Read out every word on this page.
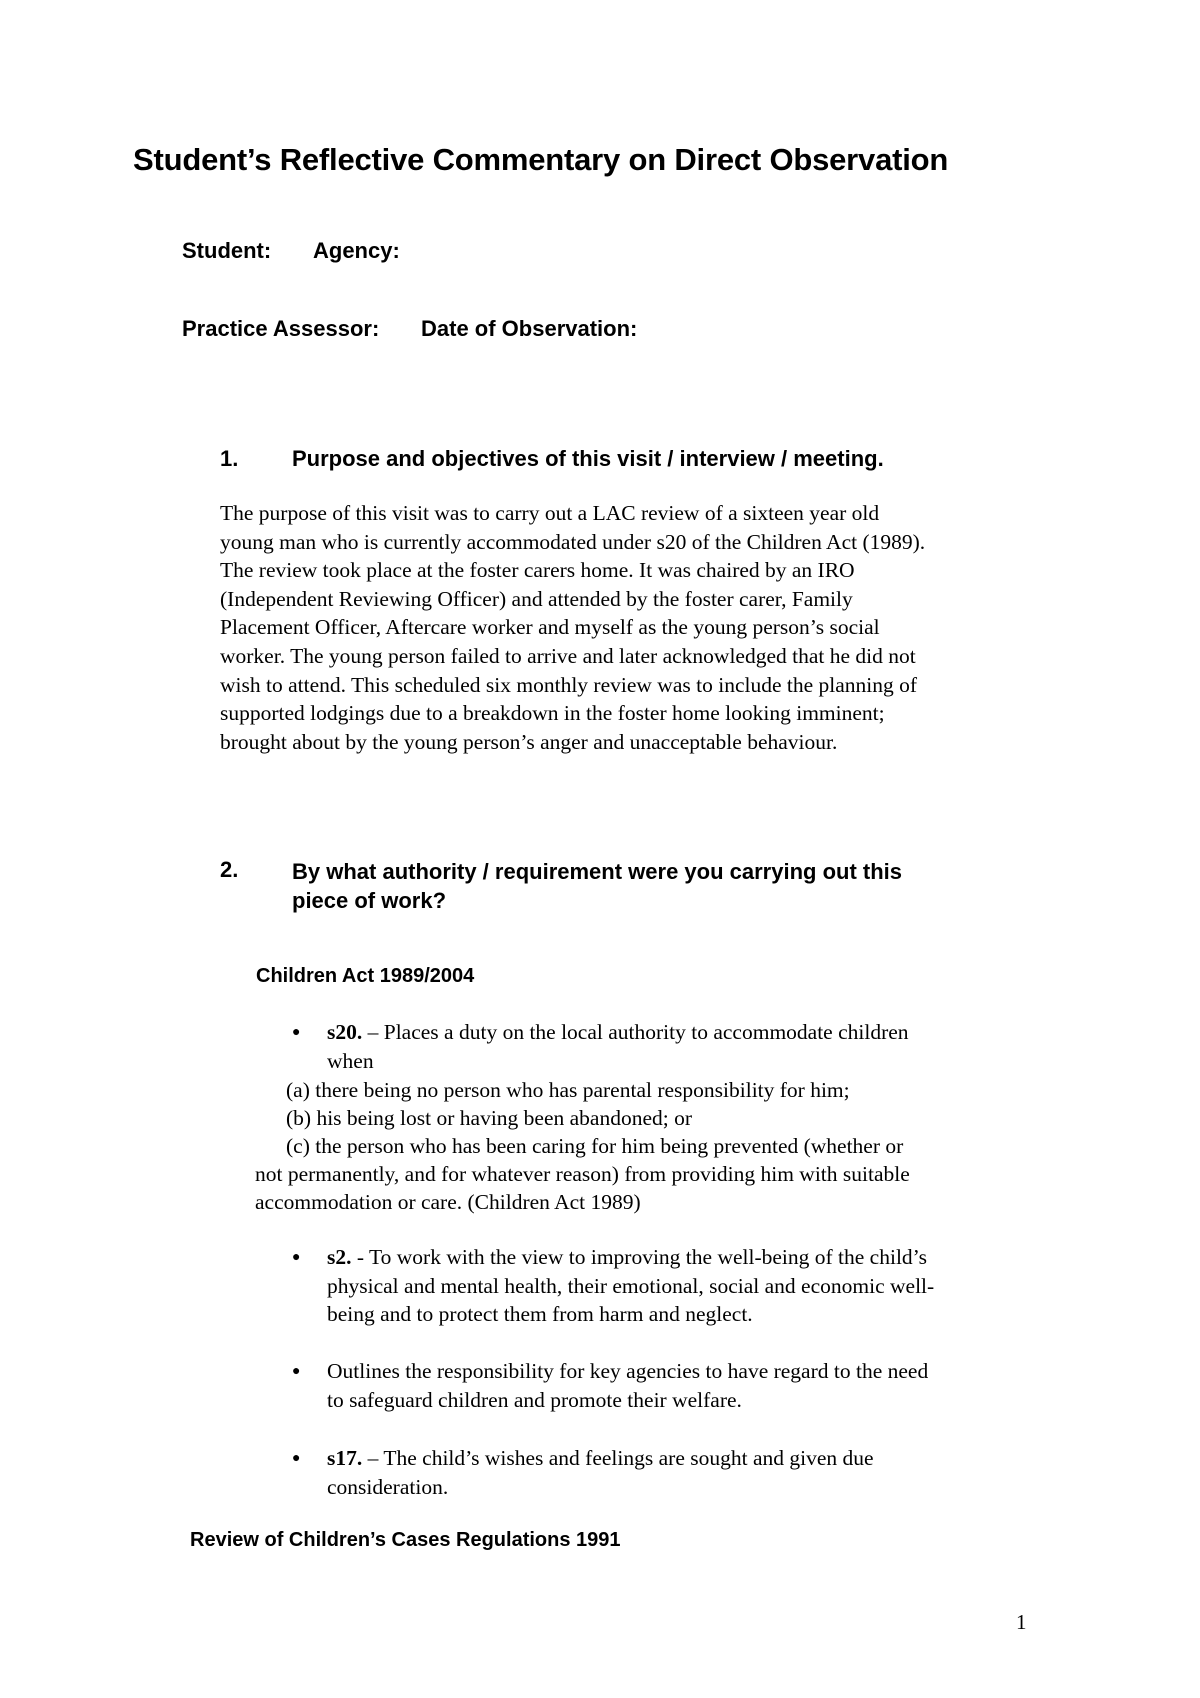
Student’s Reflective Commentary on Direct Observation
Student: Agency:
Practice Assessor: Date of Observation:
1. Purpose and objectives of this visit / interview / meeting.
The purpose of this visit was to carry out a LAC review of a sixteen year old
young man who is currently accommodated under s20 of the Children Act (1989).
The review took place at the foster carers home. It was chaired by an IRO
(Independent Reviewing Officer) and attended by the foster carer, Family
Placement Officer, Aftercare worker and myself as the young person’s social
worker. The young person failed to arrive and later acknowledged that he did not
wish to attend. This scheduled six monthly review was to include the planning of
supported lodgings due to a breakdown in the foster home looking imminent;
brought about by the young person’s anger and unacceptable behaviour.
2. By what authority / requirement were you carrying out this
piece of work?
Children Act 1989/2004
● s20. – Places a duty on the local authority to accommodate children
when
(a) there being no person who has parental responsibility for him;
(b) his being lost or having been abandoned; or
(c) the person who has been caring for him being prevented (whether or
not permanently, and for whatever reason) from providing him with suitable
accommodation or care. (Children Act 1989)
● s2. - To work with the view to improving the well-being of the child’s
physical and mental health, their emotional, social and economic well-
being and to protect them from harm and neglect.
● Outlines the responsibility for key agencies to have regard to the need
to safeguard children and promote their welfare.
● s17. – The child’s wishes and feelings are sought and given due
consideration.
Review of Children’s Cases Regulations 1991
1
